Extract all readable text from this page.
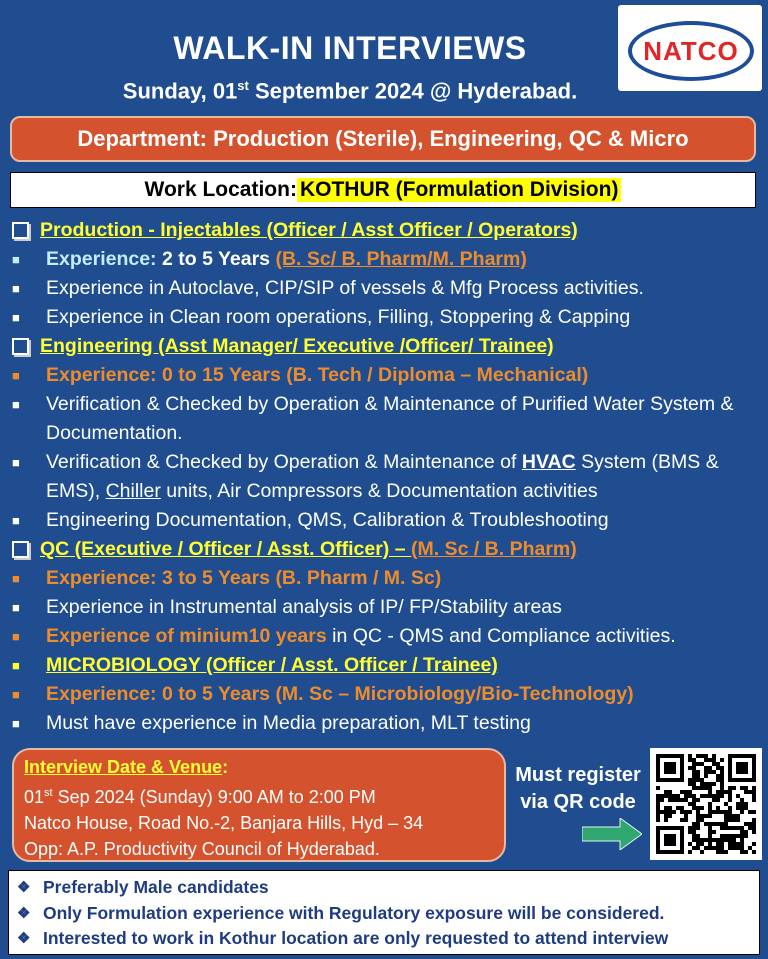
WALK-IN INTERVIEWS
Sunday, 01st September 2024 @ Hyderabad.
NATCO
Department: Production (Sterile), Engineering, QC & Micro
Work Location: KOTHUR (Formulation Division)
Production - Injectables (Officer / Asst Officer / Operators)
■
Experience: 2 to 5 Years (B. Sc/ B. Pharm/M. Pharm)
■
Experience in Autoclave, CIP/SIP of vessels & Mfg Process activities.
■
Experience in Clean room operations, Filling, Stoppering & Capping
Engineering (Asst Manager/ Executive /Officer/ Trainee)
■
Experience: 0 to 15 Years (B. Tech / Diploma – Mechanical)
■
Verification & Checked by Operation & Maintenance of Purified Water System & Documentation.
■
Verification & Checked by Operation & Maintenance of HVAC System (BMS & EMS), Chiller units, Air Compressors & Documentation activities
■
Engineering Documentation, QMS, Calibration & Troubleshooting
QC (Executive / Officer / Asst. Officer) – (M. Sc / B. Pharm)
■
Experience: 3 to 5 Years (B. Pharm / M. Sc)
■
Experience in Instrumental analysis of IP/ FP/Stability areas
■
Experience of minium10 years in QC - QMS and Compliance activities.
■
MICROBIOLOGY (Officer / Asst. Officer / Trainee)
■
Experience: 0 to 5 Years (M. Sc – Microbiology/Bio-Technology)
■
Must have experience in Media preparation, MLT testing
Interview Date & Venue:
01st Sep 2024 (Sunday) 9:00 AM to 2:00 PM
Natco House, Road No.-2, Banjara Hills, Hyd – 34
Opp: A.P. Productivity Council of Hyderabad.
Must register
via QR code
❖ Preferably Male candidates
❖ Only Formulation experience with Regulatory exposure will be considered.
❖ Interested to work in Kothur location are only requested to attend interview
